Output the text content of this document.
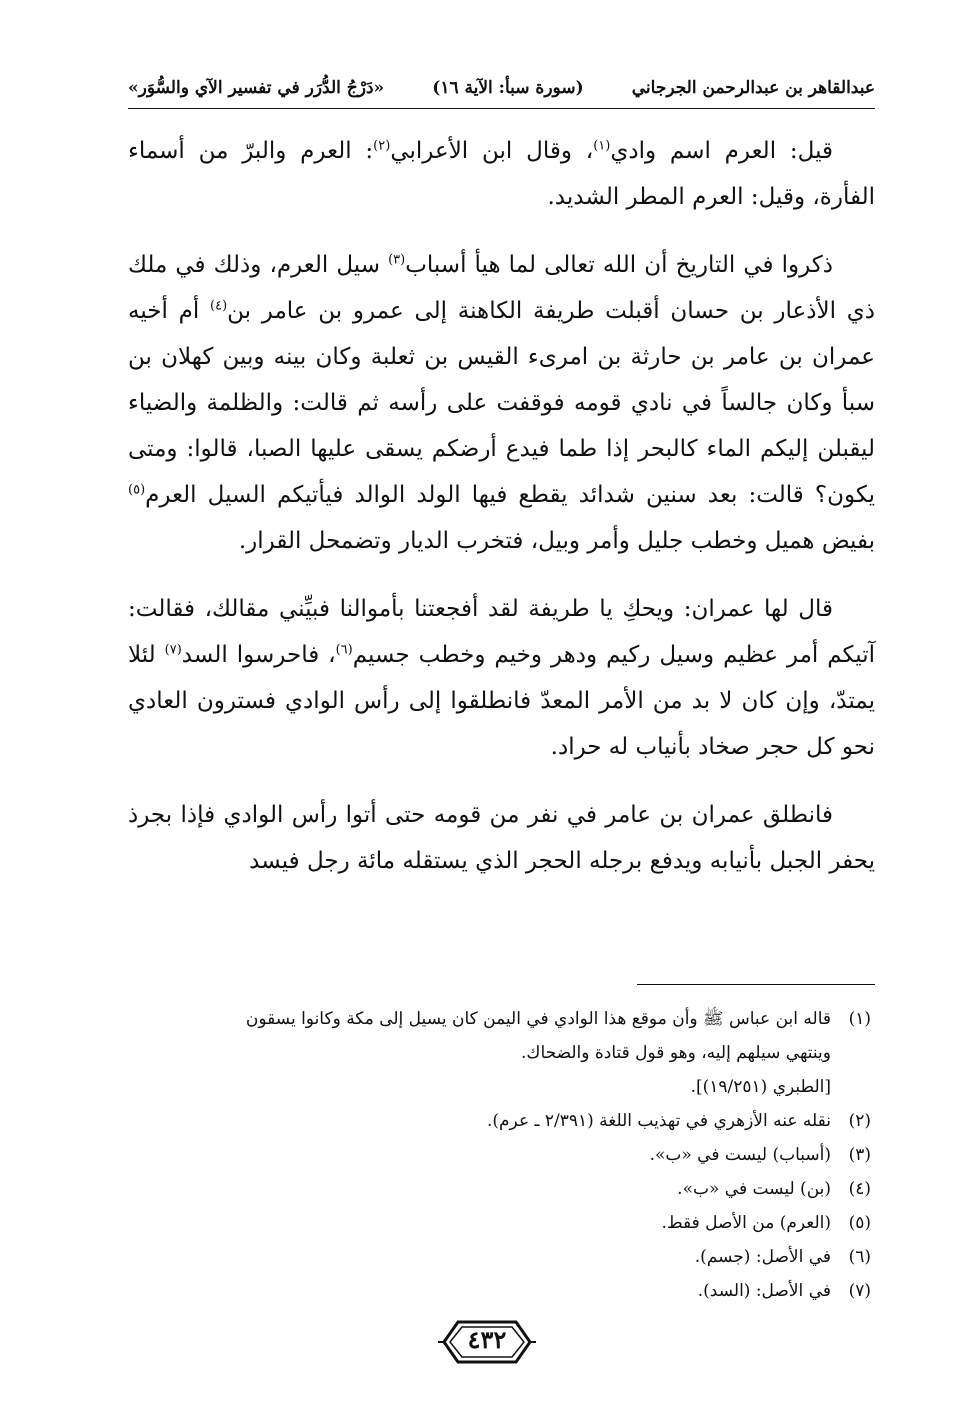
عبدالقاهر بن عبدالرحمن الجرجاني
(سورة سبأ: الآية ١٦)
«دَرْجُ الدُّرَر في تفسير الآي والسُّوَر»

قيل: العرم اسم وادي$^{(١)}$، وقال ابن الأعرابي$^{(٢)}$: العرم والبرّ من أسماء الفأرة، وقيل: العرم المطر الشديد.

ذكروا في التاريخ أن الله تعالى لما هيأ أسباب$^{(٣)}$ سيل العرم، وذلك في ملك ذي الأذعار بن حسان أقبلت طريفة الكاهنة إلى عمرو بن عامر بن$^{(٤)}$ أم أخيه عمران بن عامر بن حارثة بن امرىء القيس بن ثعلبة وكان بينه وبين كهلان بن سبأ وكان جالساً في نادي قومه فوقفت على رأسه ثم قالت: والظلمة والضياء ليقبلن إليكم الماء كالبحر إذا طما فيدع أرضكم يسقى عليها الصبا، قالوا: ومتى يكون؟ قالت: بعد سنين شدائد يقطع فيها الولد الوالد فيأتيكم السيل العرم$^{(٥)}$ بفيض هميل وخطب جليل وأمر وبيل، فتخرب الديار وتضمحل القرار.

قال لها عمران: ويحكِ يا طريفة لقد أفجعتنا بأموالنا فبيِّني مقالك، فقالت: آتيكم أمر عظيم وسيل ركيم ودهر وخيم وخطب جسيم$^{(٦)}$، فاحرسوا السد$^{(٧)}$ لئلا يمتدّ، وإن كان لا بد من الأمر المعدّ فانطلقوا إلى رأس الوادي فسترون العادي نحو كل حجر صخاد بأنياب له حراد.

فانطلق عمران بن عامر في نفر من قومه حتى أتوا رأس الوادي فإذا بجرذ يحفر الجبل بأنيابه ويدفع برجله الحجر الذي يستقله مائة رجل فيسد

(١)
قاله ابن عباس ﷺ وأن موقع هذا الوادي في اليمن كان يسيل إلى مكة وكانوا يسقون
وينتهي سيلهم إليه، وهو قول قتادة والضحاك.
[الطبري (١٩/٢٥١)].
(٢)
نقله عنه الأزهري في تهذيب اللغة (٢/٣٩١ ـ عرم).
(٣)
(أسباب) ليست في «ب».
(٤)
(بن) ليست في «ب».
(٥)
(العرم) من الأصل فقط.
(٦)
في الأصل: (جسم).
(٧)
في الأصل: (السد).
٤٣٢
